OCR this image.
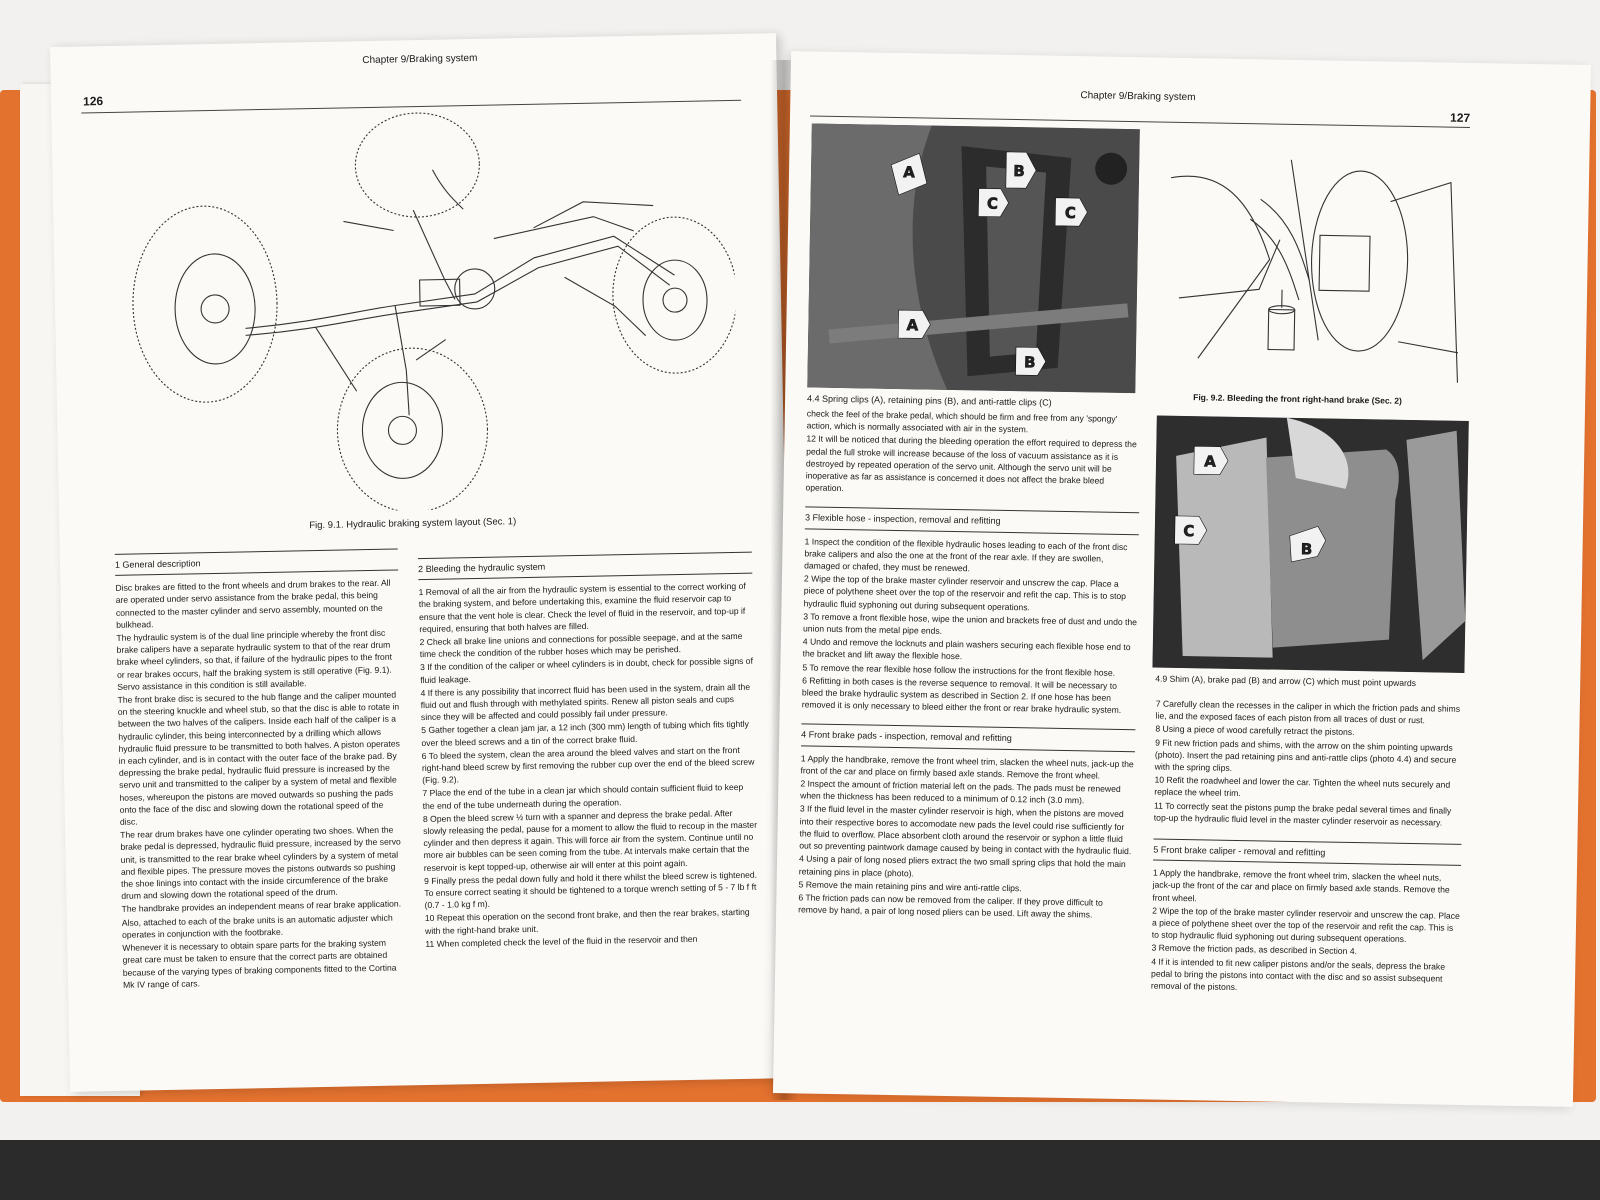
Chapter 9/Braking system
126
Fig. 9.1. Hydraulic braking system layout (Sec. 1)
1 General description

Disc brakes are fitted to the front wheels and drum brakes to the rear. All are operated under servo assistance from the brake pedal, this being connected to the master cylinder and servo assembly, mounted on the bulkhead.

The hydraulic system is of the dual line principle whereby the front disc brake calipers have a separate hydraulic system to that of the rear drum brake wheel cylinders, so that, if failure of the hydraulic pipes to the front or rear brakes occurs, half the braking system is still operative (Fig. 9.1). Servo assistance in this condition is still available.

The front brake disc is secured to the hub flange and the caliper mounted on the steering knuckle and wheel stub, so that the disc is able to rotate in between the two halves of the calipers. Inside each half of the caliper is a hydraulic cylinder, this being interconnected by a drilling which allows hydraulic fluid pressure to be transmitted to both halves. A piston operates in each cylinder, and is in contact with the outer face of the brake pad. By depressing the brake pedal, hydraulic fluid pressure is increased by the servo unit and transmitted to the caliper by a system of metal and flexible hoses, whereupon the pistons are moved outwards so pushing the pads onto the face of the disc and slowing down the rotational speed of the disc.

The rear drum brakes have one cylinder operating two shoes. When the brake pedal is depressed, hydraulic fluid pressure, increased by the servo unit, is transmitted to the rear brake wheel cylinders by a system of metal and flexible pipes. The pressure moves the pistons outwards so pushing the shoe linings into contact with the inside circumference of the brake drum and slowing down the rotational speed of the drum.

The handbrake provides an independent means of rear brake application.

Also, attached to each of the brake units is an automatic adjuster which operates in conjunction with the footbrake.

Whenever it is necessary to obtain spare parts for the braking system great care must be taken to ensure that the correct parts are obtained because of the varying types of braking components fitted to the Cortina Mk IV range of cars.

2 Bleeding the hydraulic system

1 Removal of all the air from the hydraulic system is essential to the correct working of the braking system, and before undertaking this, examine the fluid reservoir cap to ensure that the vent hole is clear. Check the level of fluid in the reservoir, and top-up if required, ensuring that both halves are filled.

2 Check all brake line unions and connections for possible seepage, and at the same time check the condition of the rubber hoses which may be perished.

3 If the condition of the caliper or wheel cylinders is in doubt, check for possible signs of fluid leakage.

4 If there is any possibility that incorrect fluid has been used in the system, drain all the fluid out and flush through with methylated spirits. Renew all piston seals and cups since they will be affected and could possibly fail under pressure.

5 Gather together a clean jam jar, a 12 inch (300 mm) length of tubing which fits tightly over the bleed screws and a tin of the correct brake fluid.

6 To bleed the system, clean the area around the bleed valves and start on the front right-hand bleed screw by first removing the rubber cup over the end of the bleed screw (Fig. 9.2).

7 Place the end of the tube in a clean jar which should contain sufficient fluid to keep the end of the tube underneath during the operation.

8 Open the bleed screw ½ turn with a spanner and depress the brake pedal. After slowly releasing the pedal, pause for a moment to allow the fluid to recoup in the master cylinder and then depress it again. This will force air from the system. Continue until no more air bubbles can be seen coming from the tube. At intervals make certain that the reservoir is kept topped-up, otherwise air will enter at this point again.

9 Finally press the pedal down fully and hold it there whilst the bleed screw is tightened. To ensure correct seating it should be tightened to a torque wrench setting of 5 - 7 lb f ft (0.7 - 1.0 kg f m).

10 Repeat this operation on the second front brake, and then the rear brakes, starting with the right-hand brake unit.

11 When completed check the level of the fluid in the reservoir and then

Chapter 9/Braking system
127
A	B
C
C
A
B
4.4 Spring clips (A), retaining pins (B), and anti-rattle clips (C)	Fig. 9.2. Bleeding the front right-hand brake (Sec. 2)

check the feel of the brake pedal, which should be firm and free from any 'spongy' action, which is normally associated with air in the system.

12 It will be noticed that during the bleeding operation the effort required to depress the pedal the full stroke will increase because of the loss of vacuum assistance as it is destroyed by repeated operation of the servo unit. Although the servo unit will be inoperative as far as assistance is concerned it does not affect the brake bleed operation.

3 Flexible hose - inspection, removal and refitting

1 Inspect the condition of the flexible hydraulic hoses leading to each of the front disc brake calipers and also the one at the front of the rear axle. If they are swollen, damaged or chafed, they must be renewed.

2 Wipe the top of the brake master cylinder reservoir and unscrew the cap. Place a piece of polythene sheet over the top of the reservoir and refit the cap. This is to stop hydraulic fluid syphoning out during subsequent operations.

3 To remove a front flexible hose, wipe the union and brackets free of dust and undo the union nuts from the metal pipe ends.

4 Undo and remove the locknuts and plain washers securing each flexible hose end to the bracket and lift away the flexible hose.

5 To remove the rear flexible hose follow the instructions for the front flexible hose.

6 Refitting in both cases is the reverse sequence to removal. It will be necessary to bleed the brake hydraulic system as described in Section 2. If one hose has been removed it is only necessary to bleed either the front or rear brake hydraulic system.

4 Front brake pads - inspection, removal and refitting

1 Apply the handbrake, remove the front wheel trim, slacken the wheel nuts, jack-up the front of the car and place on firmly based axle stands. Remove the front wheel.

2 Inspect the amount of friction material left on the pads. The pads must be renewed when the thickness has been reduced to a minimum of 0.12 inch (3.0 mm).

3 If the fluid level in the master cylinder reservoir is high, when the pistons are moved into their respective bores to accomodate new pads the level could rise sufficiently for the fluid to overflow. Place absorbent cloth around the reservoir or syphon a little fluid out so preventing paintwork damage caused by being in contact with the hydraulic fluid.

4 Using a pair of long nosed pliers extract the two small spring clips that hold the main retaining pins in place (photo).

5 Remove the main retaining pins and wire anti-rattle clips.

6 The friction pads can now be removed from the caliper. If they prove difficult to remove by hand, a pair of long nosed pliers can be used. Lift away the shims.

A
B
C
4.9 Shim (A), brake pad (B) and arrow (C) which must point upwards

7 Carefully clean the recesses in the caliper in which the friction pads and shims lie, and the exposed faces of each piston from all traces of dust or rust.

8 Using a piece of wood carefully retract the pistons.

9 Fit new friction pads and shims, with the arrow on the shim pointing upwards (photo). Insert the pad retaining pins and anti-rattle clips (photo 4.4) and secure with the spring clips.

10 Refit the roadwheel and lower the car. Tighten the wheel nuts securely and replace the wheel trim.

11 To correctly seat the pistons pump the brake pedal several times and finally top-up the hydraulic fluid level in the master cylinder reservoir as necessary.

5 Front brake caliper - removal and refitting

1 Apply the handbrake, remove the front wheel trim, slacken the wheel nuts, jack-up the front of the car and place on firmly based axle stands. Remove the front wheel.

2 Wipe the top of the brake master cylinder reservoir and unscrew the cap. Place a piece of polythene sheet over the top of the reservoir and refit the cap. This is to stop hydraulic fluid syphoning out during subsequent operations.

3 Remove the friction pads, as described in Section 4.

4 If it is intended to fit new caliper pistons and/or the seals, depress the brake pedal to bring the pistons into contact with the disc and so assist subsequent removal of the pistons.
